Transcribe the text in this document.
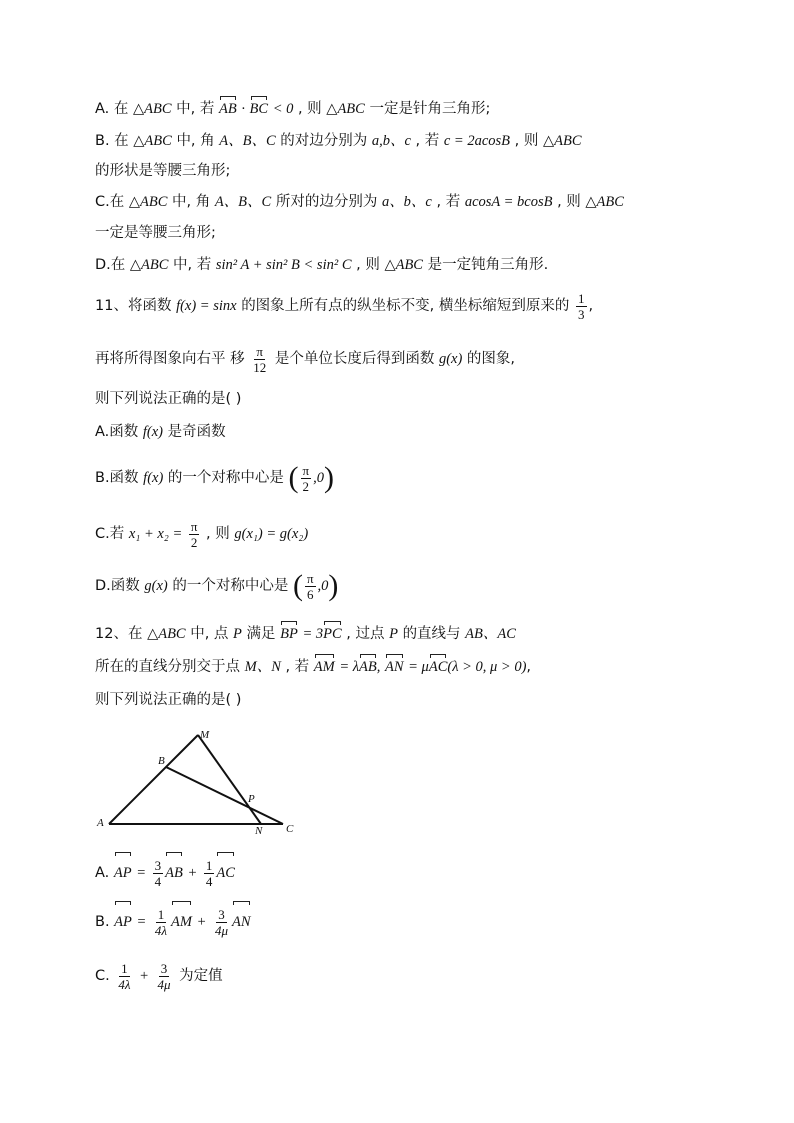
A. 在 △ABC 中, 若 AB · BC < 0 , 则 △ABC 一定是针角三角形;
B. 在 △ABC 中, 角 A、B、C 的对边分别为 a,b、c , 若 c = 2acosB , 则 △ABC
的形状是等腰三角形;
C.在 △ABC 中, 角 A、B、C 所对的边分别为 a、b、c , 若 acosA = bcosB , 则 △ABC
一定是等腰三角形;
D.在 △ABC 中, 若 sin² A + sin² B < sin² C , 则 △ABC 是一定钝角三角形.
11、将函数 f(x) = sinx 的图象上所有点的纵坐标不变, 横坐标缩短到原来的 $\frac{1}{3}$ ,
再将所得图象向右平 移 $\frac{\pi}{12}$ 是个单位长度后得到函数 g(x) 的图象,
则下列说法正确的是( )
A.函数 f(x) 是奇函数
B.函数 f(x) 的一个对称中心是 ( $\frac{\pi}{2} ,0$)
C.若 $x_1 + x_2 = \frac{\pi}{2}$ , 则 g(x₁) = g(x₂)
D.函数 g(x) 的一个对称中心是 ( $\frac{\pi}{6} ,0$)
12、在 △ABC 中, 点 P 满足 BP = 3PC , 过点 P 的直线与 AB、AC
所在的直线分别交于点 M、N , 若 AM = λAB, AN = μAC(λ > 0, μ > 0),
则下列说法正确的是( )
A
B
C
M
N
P
A. AP = $\frac{3}{4}$ AB + $\frac{1}{4}$ AC
B. AP = $\frac{1}{4\lambda}$ AM + $\frac{3}{4\mu}$ AN
C. $\frac{1}{4\lambda} + \frac{3}{4\mu}$ 为定值
